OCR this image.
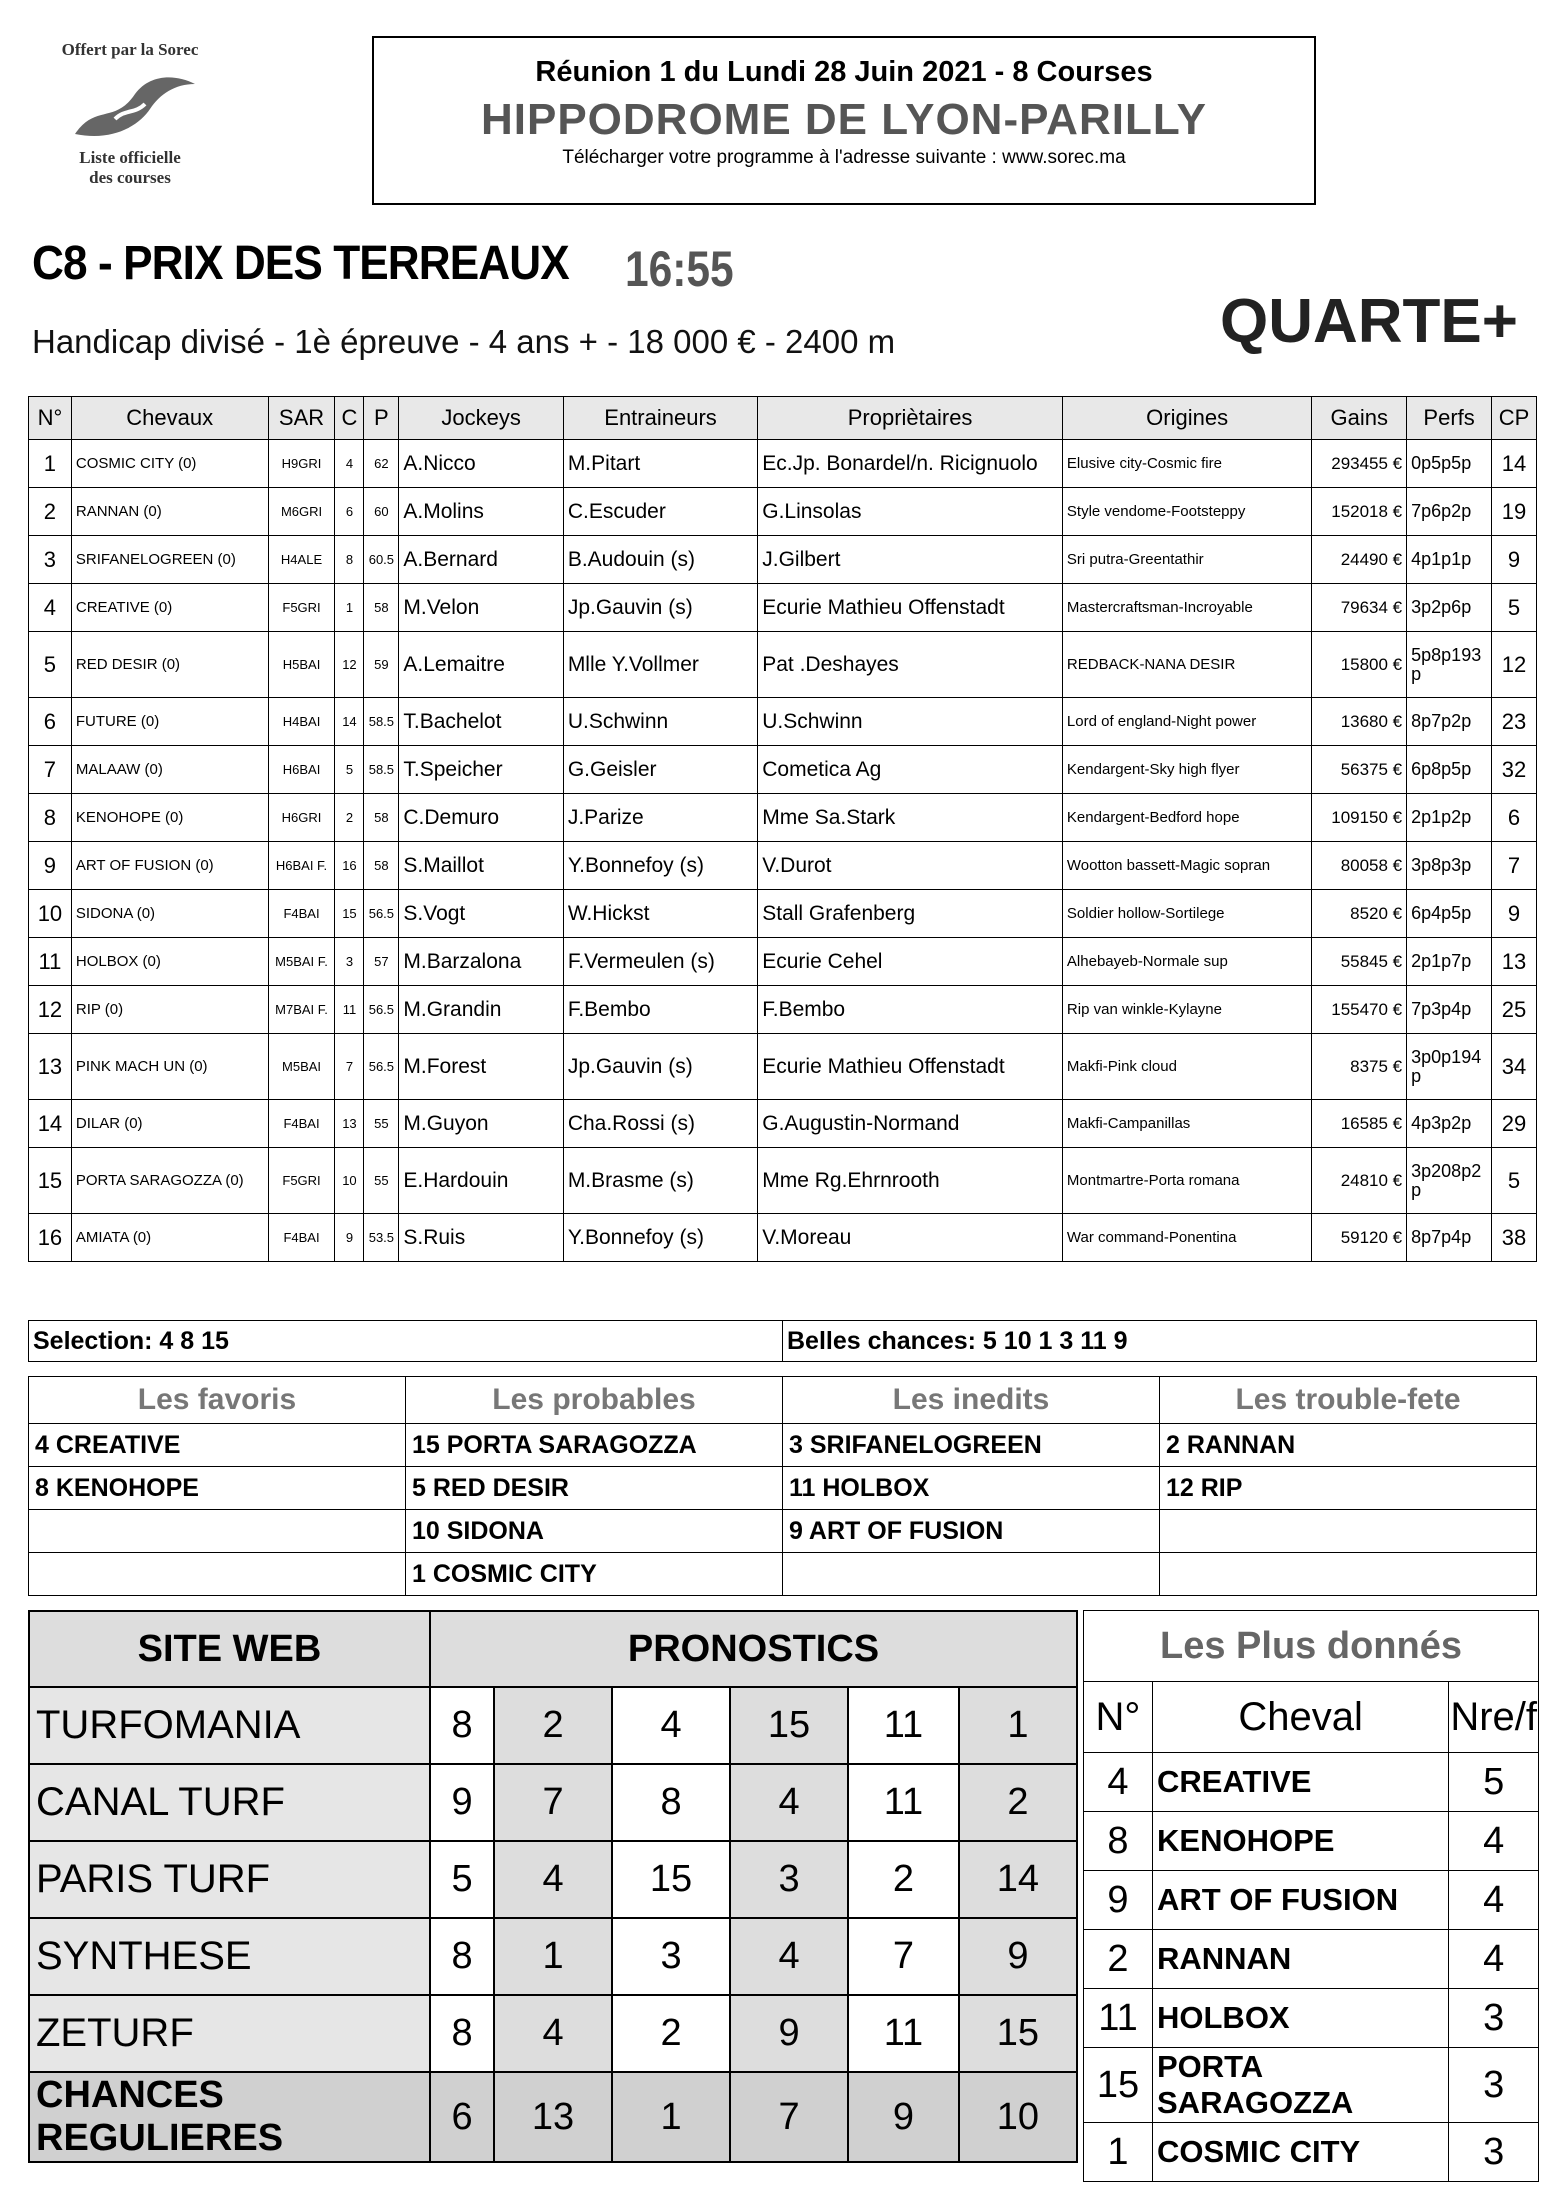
Offert par la Sorec
Liste officielle
des courses
Réunion 1 du Lundi 28 Juin 2021 - 8 Courses
HIPPODROME DE LYON-PARILLY
Télécharger votre programme à l'adresse suivante : www.sorec.ma
C8 - PRIX DES TERREAUX 16:55
QUARTE+
Handicap divisé - 1è épreuve - 4 ans + - 18 000 € - 2400 m
N°	Chevaux	SAR	C	P	Jockeys	Entraineurs	Propriètaires	Origines	Gains	Perfs	CP
1	COSMIC CITY (0)	H9GRI	4	62	A.Nicco	M.Pitart	Ec.Jp. Bonardel/n. Ricignuolo	Elusive city-Cosmic fire	293455 €	0p5p5p	14
2	RANNAN (0)	M6GRI	6	60	A.Molins	C.Escuder	G.Linsolas	Style vendome-Footsteppy	152018 €	7p6p2p	19
3	SRIFANELOGREEN (0)	H4ALE	8	60.5	A.Bernard	B.Audouin (s)	J.Gilbert	Sri putra-Greentathir	24490 €	4p1p1p	9
4	CREATIVE (0)	F5GRI	1	58	M.Velon	Jp.Gauvin (s)	Ecurie Mathieu Offenstadt	Mastercraftsman-Incroyable	79634 €	3p2p6p	5
5	RED DESIR (0)	H5BAI	12	59	A.Lemaitre	Mlle Y.Vollmer	Pat .Deshayes	REDBACK-NANA DESIR	15800 €	5p8p193 p	12
6	FUTURE (0)	H4BAI	14	58.5	T.Bachelot	U.Schwinn	U.Schwinn	Lord of england-Night power	13680 €	8p7p2p	23
7	MALAAW (0)	H6BAI	5	58.5	T.Speicher	G.Geisler	Cometica Ag	Kendargent-Sky high flyer	56375 €	6p8p5p	32
8	KENOHOPE (0)	H6GRI	2	58	C.Demuro	J.Parize	Mme Sa.Stark	Kendargent-Bedford hope	109150 €	2p1p2p	6
9	ART OF FUSION (0)	H6BAI F.	16	58	S.Maillot	Y.Bonnefoy (s)	V.Durot	Wootton bassett-Magic sopran	80058 €	3p8p3p	7
10	SIDONA (0)	F4BAI	15	56.5	S.Vogt	W.Hickst	Stall Grafenberg	Soldier hollow-Sortilege	8520 €	6p4p5p	9
11	HOLBOX (0)	M5BAI F.	3	57	M.Barzalona	F.Vermeulen (s)	Ecurie Cehel	Alhebayeb-Normale sup	55845 €	2p1p7p	13
12	RIP (0)	M7BAI F.	11	56.5	M.Grandin	F.Bembo	F.Bembo	Rip van winkle-Kylayne	155470 €	7p3p4p	25
13	PINK MACH UN (0)	M5BAI	7	56.5	M.Forest	Jp.Gauvin (s)	Ecurie Mathieu Offenstadt	Makfi-Pink cloud	8375 €	3p0p194 p	34
14	DILAR (0)	F4BAI	13	55	M.Guyon	Cha.Rossi (s)	G.Augustin-Normand	Makfi-Campanillas	16585 €	4p3p2p	29
15	PORTA SARAGOZZA (0)	F5GRI	10	55	E.Hardouin	M.Brasme (s)	Mme Rg.Ehrnrooth	Montmartre-Porta romana	24810 €	3p208p2 p	5
16	AMIATA (0)	F4BAI	9	53.5	S.Ruis	Y.Bonnefoy (s)	V.Moreau	War command-Ponentina	59120 €	8p7p4p	38
Selection: 4 8 15	Belles chances: 5 10 1 3 11 9
Les favoris	Les probables	Les inedits	Les trouble-fete
4 CREATIVE	15 PORTA SARAGOZZA	3 SRIFANELOGREEN	2 RANNAN
8 KENOHOPE	5 RED DESIR	11 HOLBOX	12 RIP
	10 SIDONA	9 ART OF FUSION	
	1 COSMIC CITY		
SITE WEB	PRONOSTICS					
TURFOMANIA	8	2	4	15	11	1
CANAL TURF	9	7	8	4	11	2
PARIS TURF	5	4	15	3	2	14
SYNTHESE	8	1	3	4	7	9
ZETURF	8	4	2	9	11	15
CHANCES REGULIERES	6	13	1	7	9	10
Les Plus donnés		
N°	Cheval	Nre/f
4	CREATIVE	5
8	KENOHOPE	4
9	ART OF FUSION	4
2	RANNAN	4
11	HOLBOX	3
15	PORTA SARAGOZZA	3
1	COSMIC CITY	3
